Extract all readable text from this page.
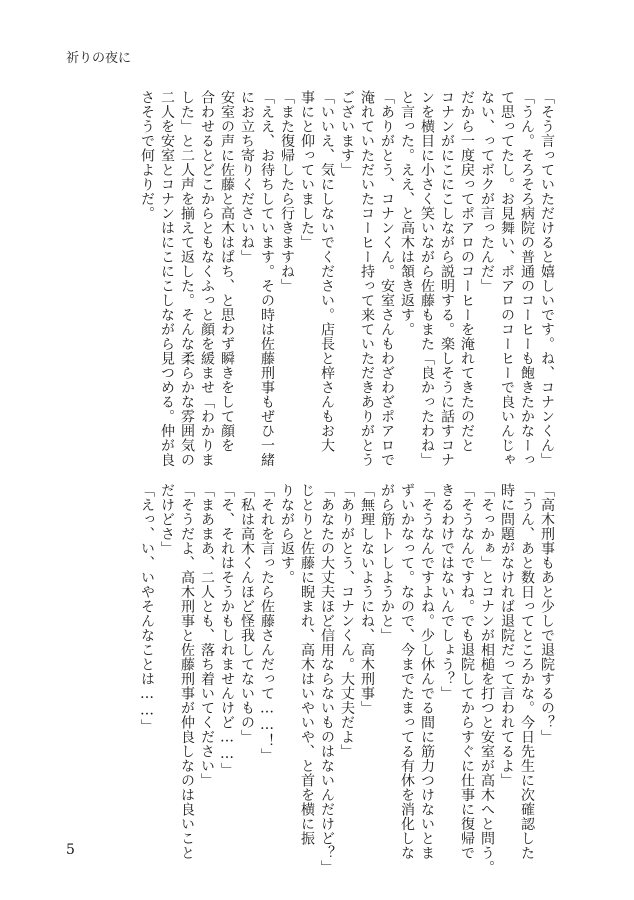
祈りの夜に
「そう言っていただけると嬉しいです。ね、コナンくん」
「うん。そろそろ病院の普通のコーヒーも飽きたかなーっ
て思ってたし。お見舞い、ポアロのコーヒーで良いんじゃ
ない、ってボクが言ったんだ」
だから一度戻ってポアロのコーヒーを淹れてきたのだと
コナンがにこにこしながら説明する。楽しそうに話すコナ
ンを横目に小さく笑いながら佐藤もまた「良かったわね」
と言った。ええ、と高木は頷き返す。
「ありがとう、コナンくん。安室さんもわざわざポアロで
淹れていただいたコーヒー持って来ていただきありがとう
ございます」
「いいえ、気にしないでください。店長と梓さんもお大
事にと仰っていました」
「また復帰したら行きますね」
「ええ、お待ちしています。その時は佐藤刑事もぜひ一緒
にお立ち寄りくださいね」
安室の声に佐藤と高木はぱち、と思わず瞬きをして顔を
合わせるとどこからともなくふっと顔を緩ませ「わかりま
した」と二人声を揃えて返した。そんな柔らかな雰囲気の
二人を安室とコナンはにこにこしながら見つめる。仲が良
さそうで何よりだ。
「高木刑事もあと少しで退院するの？」
「うん、あと数日ってところかな。今日先生に次確認した
時に問題がなければ退院だって言われてるよ」
「そっかぁ」とコナンが相槌を打つと安室が高木へと問う。
「そうなんですね。でも退院してからすぐに仕事に復帰で
きるわけではないんでしょう？」
「そうなんですよね。少し休んでる間に筋力つけないとま
ずいかなって。なので、今までたまってる有休を消化しな
がら筋トレしようかと」
「無理しないようにね、高木刑事」
「ありがとう、コナンくん。大丈夫だよ」
「あなたの大丈夫ほど信用ならないものはないんだけど？」
じとりと佐藤に睨まれ、高木はいやいや、と首を横に振
りながら返す。
「それを言ったら佐藤さんだって……！」
「私は高木くんほど怪我してないもの」
「そ、それはそうかもしれませんけど……」
「まあまあ、二人とも、落ち着いてください」
「そうだよ、高木刑事と佐藤刑事が仲良しなのは良いこと
だけどさ」
「えっ、い、いやそんなことは……」
5
